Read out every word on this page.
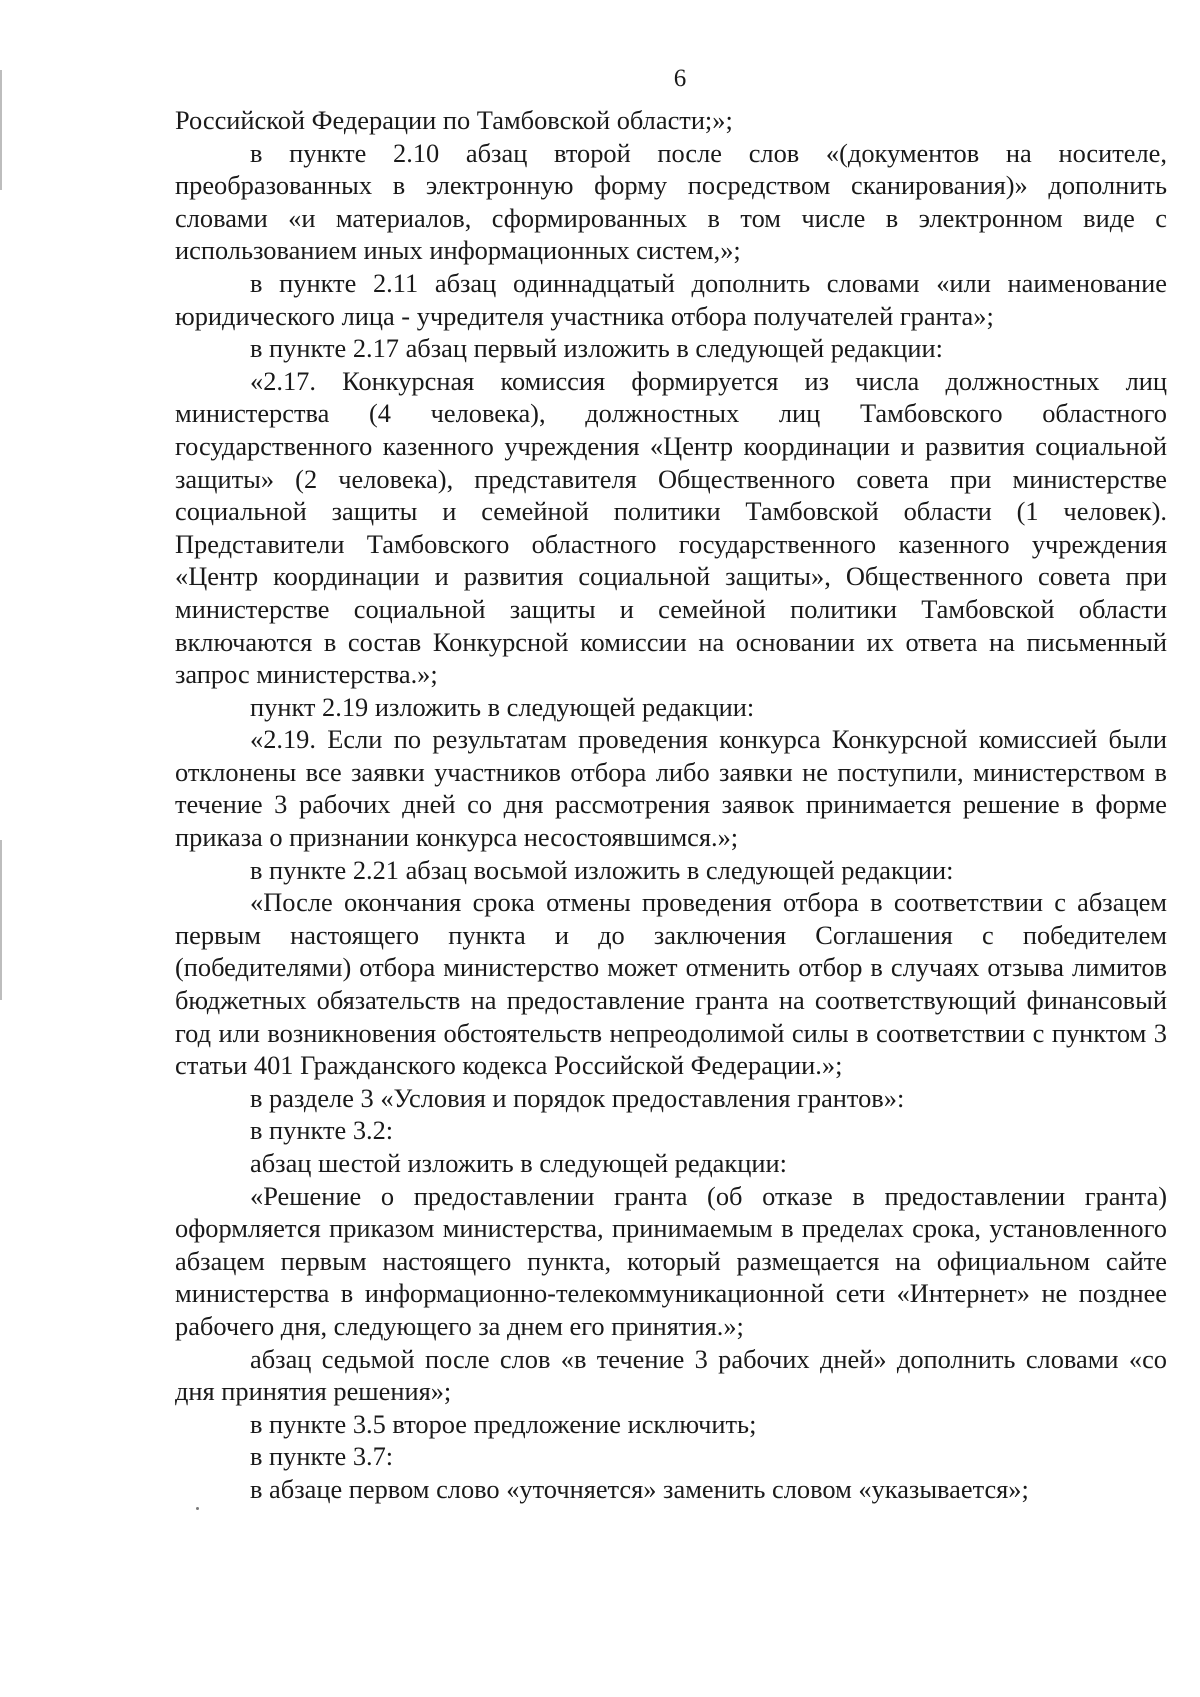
6

Российской Федерации по Тамбовской области;»;

в пункте 2.10 абзац второй после слов «(документов на носителе, преобразованных в электронную форму посредством сканирования)» дополнить словами «и материалов, сформированных в том числе в электронном виде с использованием иных информационных систем,»;

в пункте 2.11 абзац одиннадцатый дополнить словами «или наименование юридического лица - учредителя участника отбора получателей гранта»;

в пункте 2.17 абзац первый изложить в следующей редакции:

«2.17. Конкурсная комиссия формируется из числа должностных лиц министерства (4 человека), должностных лиц Тамбовского областного государственного казенного учреждения «Центр координации и развития социальной защиты» (2 человека), представителя Общественного совета при министерстве социальной защиты и семейной политики Тамбовской области (1 человек). Представители Тамбовского областного государственного казенного учреждения «Центр координации и развития социальной защиты», Общественного совета при министерстве социальной защиты и семейной политики Тамбовской области включаются в состав Конкурсной комиссии на основании их ответа на письменный запрос министерства.»;

пункт 2.19 изложить в следующей редакции:

«2.19. Если по результатам проведения конкурса Конкурсной комиссией были отклонены все заявки участников отбора либо заявки не поступили, министерством в течение 3 рабочих дней со дня рассмотрения заявок принимается решение в форме приказа о признании конкурса несостоявшимся.»;

в пункте 2.21 абзац восьмой изложить в следующей редакции:

«После окончания срока отмены проведения отбора в соответствии с абзацем первым настоящего пункта и до заключения Соглашения с победителем (победителями) отбора министерство может отменить отбор в случаях отзыва лимитов бюджетных обязательств на предоставление гранта на соответствующий финансовый год или возникновения обстоятельств непреодолимой силы в соответствии с пунктом 3 статьи 401 Гражданского кодекса Российской Федерации.»;

в разделе 3 «Условия и порядок предоставления грантов»:

в пункте 3.2:

абзац шестой изложить в следующей редакции:

«Решение о предоставлении гранта (об отказе в предоставлении гранта) оформляется приказом министерства, принимаемым в пределах срока, установленного абзацем первым настоящего пункта, который размещается на официальном сайте министерства в информационно-телекоммуникационной сети «Интернет» не позднее рабочего дня, следующего за днем его принятия.»;

абзац седьмой после слов «в течение 3 рабочих дней» дополнить словами «со дня принятия решения»;

в пункте 3.5 второе предложение исключить;

в пункте 3.7:

в абзаце первом слово «уточняется» заменить словом «указывается»;
